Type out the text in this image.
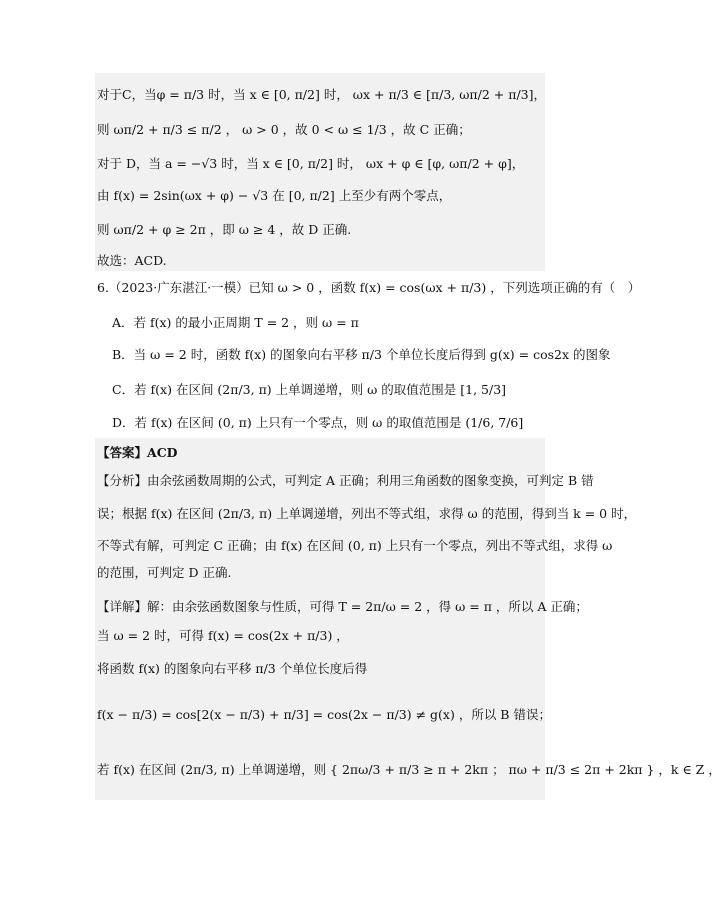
对于C，当φ = π/3 时，当 x ∈ [0, π/2] 时， ωx + π/3 ∈ [π/3, ωπ/2 + π/3]，
则 ωπ/2 + π/3 ≤ π/2 ， ω > 0 ，故 0 < ω ≤ 1/3 ，故 C 正确；
对于 D，当 a = −√3 时，当 x ∈ [0, π/2] 时， ωx + φ ∈ [φ, ωπ/2 + φ]，
由 f(x) = 2sin(ωx + φ) − √3 在 [0, π/2] 上至少有两个零点，
则 ωπ/2 + φ ≥ 2π ，即 ω ≥ 4 ，故 D 正确.
故选：ACD.
6.（2023·广东湛江·一模）已知 ω > 0 ，函数 f(x) = cos(ωx + π/3) ，下列选项正确的有（　）
A．若 f(x) 的最小正周期 T = 2 ，则 ω = π
B．当 ω = 2 时，函数 f(x) 的图象向右平移 π/3 个单位长度后得到 g(x) = cos2x 的图象
C．若 f(x) 在区间 (2π/3, π) 上单调递增，则 ω 的取值范围是 [1, 5/3]
D．若 f(x) 在区间 (0, π) 上只有一个零点，则 ω 的取值范围是 (1/6, 7/6]
【答案】ACD
【分析】由余弦函数周期的公式，可判定 A 正确；利用三角函数的图象变换，可判定 B 错
误；根据 f(x) 在区间 (2π/3, π) 上单调递增，列出不等式组，求得 ω 的范围，得到当 k = 0 时，
不等式有解，可判定 C 正确；由 f(x) 在区间 (0, π) 上只有一个零点，列出不等式组，求得 ω
的范围，可判定 D 正确.
【详解】解：由余弦函数图象与性质，可得 T = 2π/ω = 2 ，得 ω = π ，所以 A 正确；
当 ω = 2 时，可得 f(x) = cos(2x + π/3) ，
将函数 f(x) 的图象向右平移 π/3 个单位长度后得
f(x − π/3) = cos[2(x − π/3) + π/3] = cos(2x − π/3) ≠ g(x) ，所以 B 错误；
若 f(x) 在区间 (2π/3, π) 上单调递增，则 { 2πω/3 + π/3 ≥ π + 2kπ ； πω + π/3 ≤ 2π + 2kπ } ，k ∈ Z ，
